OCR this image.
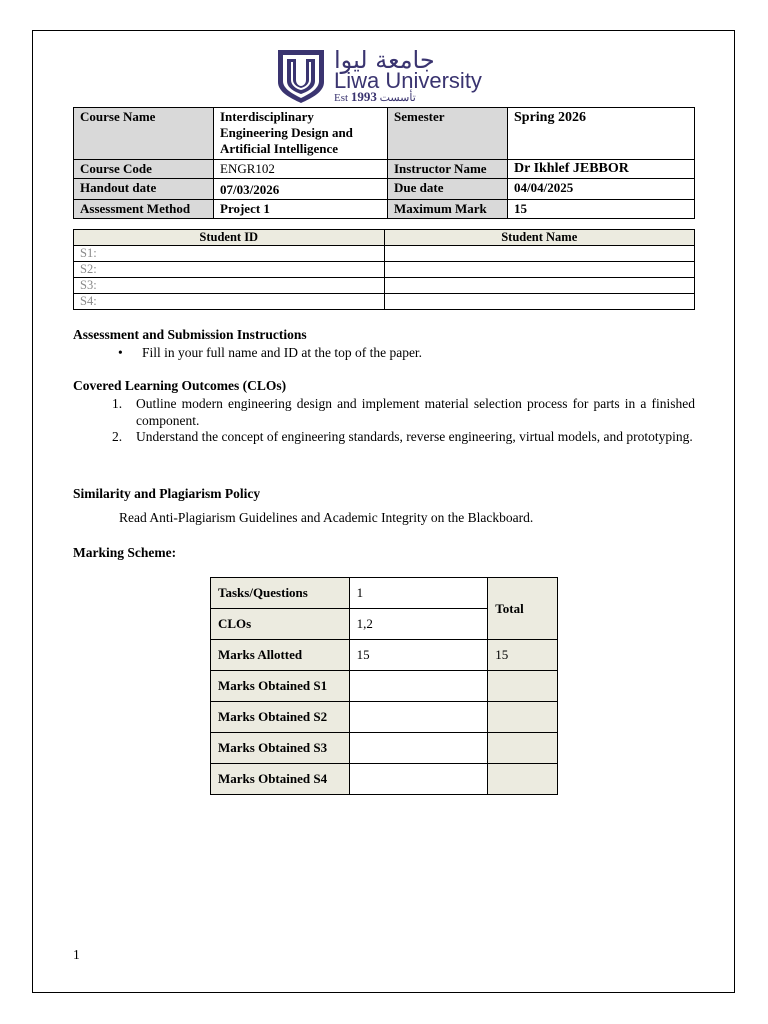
جامعة ليوا
Liwa University
Est 1993 تأسست
Course Name	Interdisciplinary Engineering Design and Artificial Intelligence	Semester	Spring 2026
Course Code	ENGR102	Instructor Name	Dr Ikhlef JEBBOR
Handout date	07/03/2026	Due date	04/04/2025
Assessment Method	Project 1	Maximum Mark	15
Student ID	Student Name
S1:	
S2:	
S3:	
S4:	
Assessment and Submission Instructions
• Fill in your full name and ID at the top of the paper.
Covered Learning Outcomes (CLOs)
1. Outline modern engineering design and implement material selection process for parts in a finished component.
2. Understand the concept of engineering standards, reverse engineering, virtual models, and prototyping.
Similarity and Plagiarism Policy
Read Anti-Plagiarism Guidelines and Academic Integrity on the Blackboard.
Marking Scheme:
Tasks/Questions	1	Total
CLOs	1,2	
Marks Allotted	15	15
Marks Obtained S1		
Marks Obtained S2		
Marks Obtained S3		
Marks Obtained S4		
1
